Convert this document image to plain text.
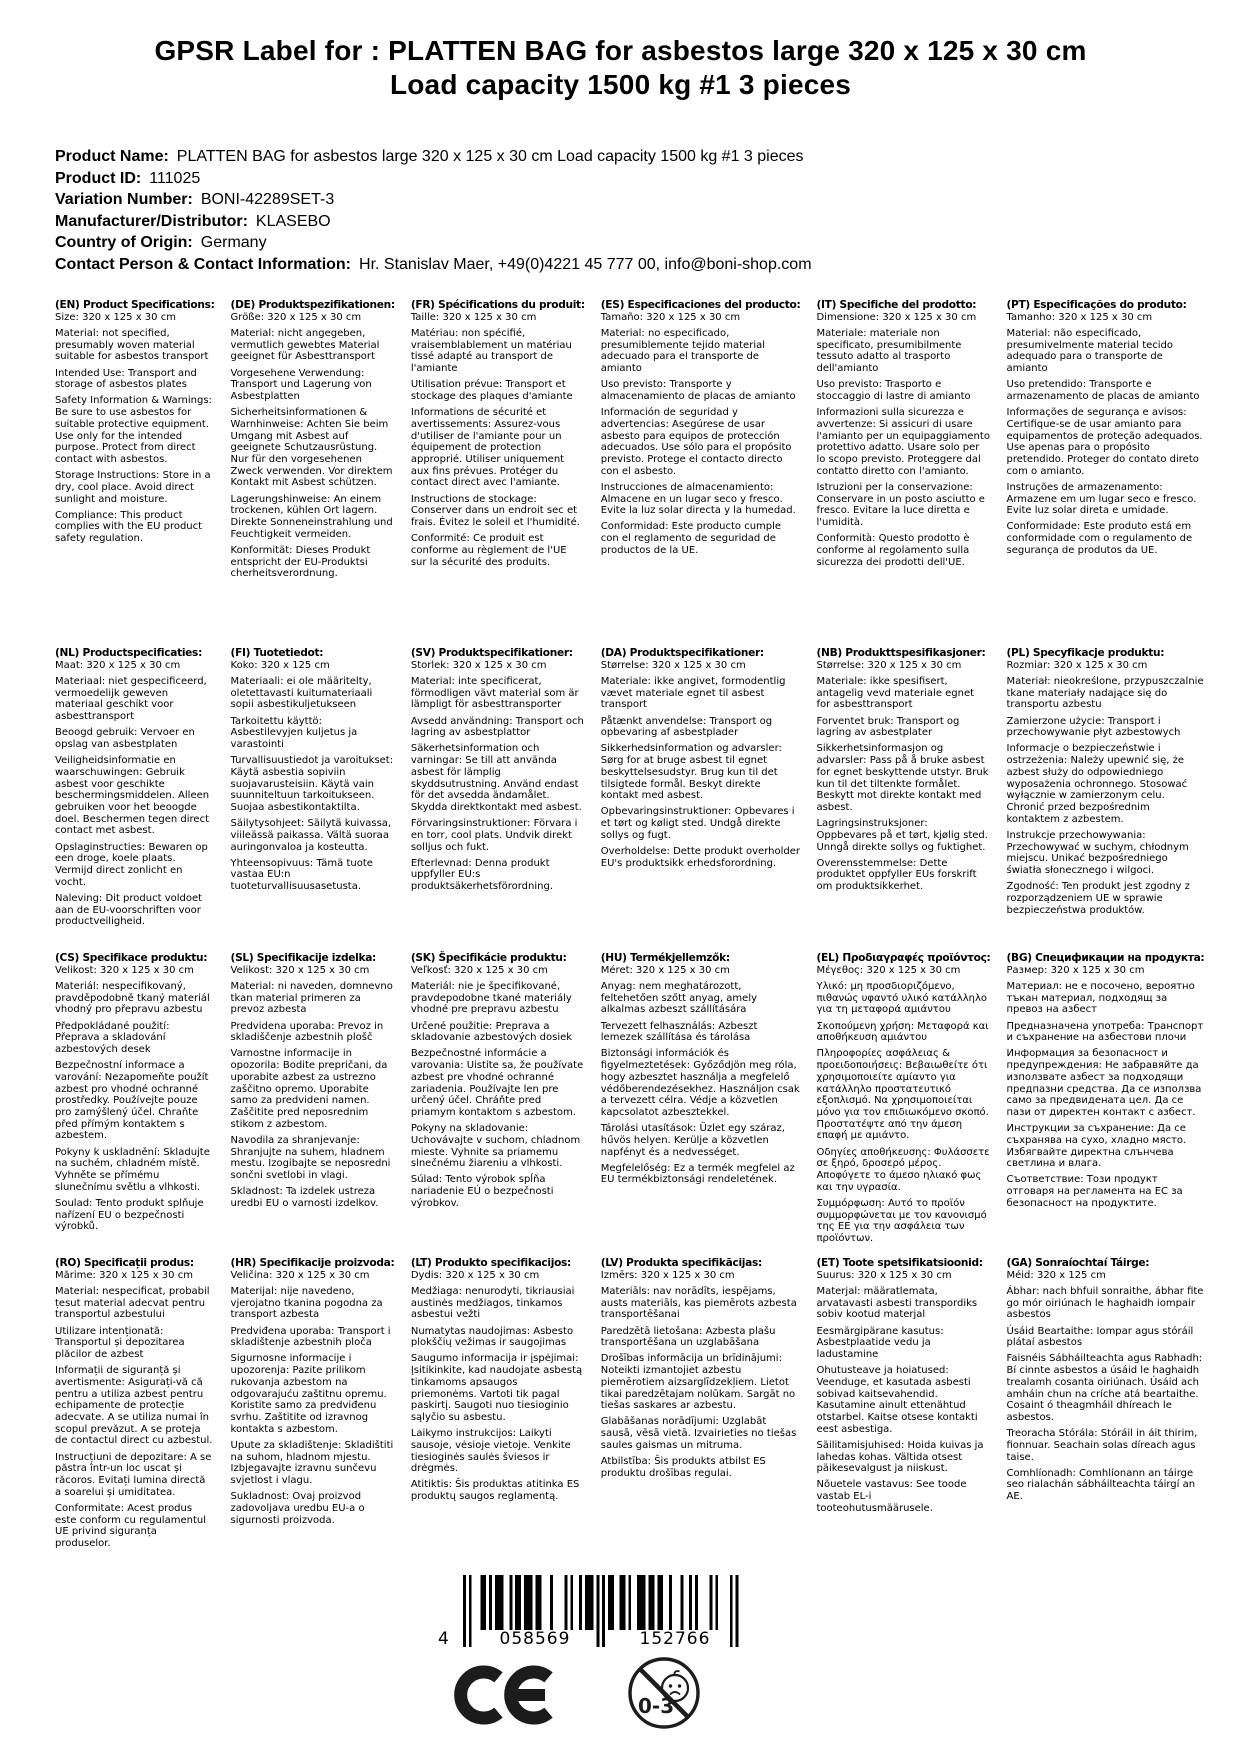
GPSR Label for : PLATTEN BAG for asbestos large 320 x 125 x 30 cm
Load capacity 1500 kg #1 3 pieces
Product Name: PLATTEN BAG for asbestos large 320 x 125 x 30 cm Load capacity 1500 kg #1 3 pieces
Product ID: 111025
Variation Number: BONI-42289SET-3
Manufacturer/Distributor: KLASEBO
Country of Origin: Germany
Contact Person & Contact Information: Hr. Stanislav Maer, +49(0)4221 45 777 00, info@boni-shop.com
(EN) Product Specifications:

Size: 320 x 125 x 30 cm

Material: not specified, presumably woven material suitable for asbestos transport

Intended Use: Transport and storage of asbestos plates

Safety Information & Warnings: Be sure to use asbestos for suitable protective equipment. Use only for the intended purpose. Protect from direct contact with asbestos.

Storage Instructions: Store in a dry, cool place. Avoid direct sunlight and moisture.

Compliance: This product complies with the EU product safety regulation.

(DE) Produktspezifikationen:

Größe: 320 x 125 x 30 cm

Material: nicht angegeben, vermutlich gewebtes Material geeignet für Asbesttransport

Vorgesehene Verwendung: Transport und Lagerung von Asbestplatten

Sicherheitsinformationen & Warnhinweise: Achten Sie beim Umgang mit Asbest auf geeignete Schutzausrüstung. Nur für den vorgesehenen Zweck verwenden. Vor direktem Kontakt mit Asbest schützen.

Lagerungshinweise: An einem trockenen, kühlen Ort lagern. Direkte Sonneneinstrahlung und Feuchtigkeit vermeiden.

Konformität: Dieses Produkt entspricht der EU-Produktsi cherheitsverordnung.

(FR) Spécifications du produit:

Taille: 320 x 125 x 30 cm

Matériau: non spécifié, vraisemblablement un matériau tissé adapté au transport de l'amiante

Utilisation prévue: Transport et stockage des plaques d'amiante

Informations de sécurité et avertissements: Assurez-vous d'utiliser de l'amiante pour un équipement de protection approprié. Utiliser uniquement aux fins prévues. Protéger du contact direct avec l'amiante.

Instructions de stockage: Conserver dans un endroit sec et frais. Évitez le soleil et l'humidité.

Conformité: Ce produit est conforme au règlement de l'UE sur la sécurité des produits.

(ES) Especificaciones del producto:

Tamaño: 320 x 125 x 30 cm

Material: no especificado, presumiblemente tejido material adecuado para el transporte de amianto

Uso previsto: Transporte y almacenamiento de placas de amianto

Información de seguridad y advertencias: Asegúrese de usar asbesto para equipos de protección adecuados. Use sólo para el propósito previsto. Protege el contacto directo con el asbesto.

Instrucciones de almacenamiento: Almacene en un lugar seco y fresco. Evite la luz solar directa y la humedad.

Conformidad: Este producto cumple con el reglamento de seguridad de productos de la UE.

(IT) Specifiche del prodotto:

Dimensione: 320 x 125 x 30 cm

Materiale: materiale non specificato, presumibilmente tessuto adatto al trasporto dell'amianto

Uso previsto: Trasporto e stoccaggio di lastre di amianto

Informazioni sulla sicurezza e avvertenze: Si assicuri di usare l'amianto per un equipaggiamento protettivo adatto. Usare solo per lo scopo previsto. Proteggere dal contatto diretto con l'amianto.

Istruzioni per la conservazione: Conservare in un posto asciutto e fresco. Evitare la luce diretta e l'umidità.

Conformità: Questo prodotto è conforme al regolamento sulla sicurezza dei prodotti dell'UE.

(PT) Especificações do produto:

Tamanho: 320 x 125 x 30 cm

Material: não especificado, presumivelmente material tecido adequado para o transporte de amianto

Uso pretendido: Transporte e armazenamento de placas de amianto

Informações de segurança e avisos: Certifique-se de usar amianto para equipamentos de proteção adequados. Use apenas para o propósito pretendido. Proteger do contato direto com o amianto.

Instruções de armazenamento: Armazene em um lugar seco e fresco. Evite luz solar direta e umidade.

Conformidade: Este produto está em conformidade com o regulamento de segurança de produtos da UE.

(NL) Productspecificaties:

Maat: 320 x 125 x 30 cm

Materiaal: niet gespecificeerd, vermoedelijk geweven materiaal geschikt voor asbesttransport

Beoogd gebruik: Vervoer en opslag van asbestplaten

Veiligheidsinformatie en waarschuwingen: Gebruik asbest voor geschikte beschermingsmiddelen. Alleen gebruiken voor het beoogde doel. Beschermen tegen direct contact met asbest.

Opslaginstructies: Bewaren op een droge, koele plaats. Vermijd direct zonlicht en vocht.

Naleving: Dit product voldoet aan de EU-voorschriften voor productveiligheid.

(FI) Tuotetiedot:

Koko: 320 x 125 cm

Materiaali: ei ole määritelty, oletettavasti kuitumateriaali sopii asbestikuljetukseen

Tarkoitettu käyttö: Asbestilevyjen kuljetus ja varastointi

Turvallisuustiedot ja varoitukset: Käytä asbestia sopiviin suojavarusteisiin. Käytä vain suunniteltuun tarkoitukseen. Suojaa asbestikontaktilta.

Säilytysohjeet: Säilytä kuivassa, viileässä paikassa. Vältä suoraa auringonvaloa ja kosteutta.

Yhteensopivuus: Tämä tuote vastaa EU:n tuoteturvallisuusasetusta.

(SV) Produktspecifikationer:

Storlek: 320 x 125 x 30 cm

Material: inte specificerat, förmodligen vävt material som är lämpligt för asbesttransporter

Avsedd användning: Transport och lagring av asbestplattor

Säkerhetsinformation och varningar: Se till att använda asbest för lämplig skyddsutrustning. Använd endast för det avsedda ändamålet. Skydda direktkontakt med asbest.

Förvaringsinstruktioner: Förvara i en torr, cool plats. Undvik direkt solljus och fukt.

Efterlevnad: Denna produkt uppfyller EU:s produktsäkerhetsförordning.

(DA) Produktspecifikationer:

Størrelse: 320 x 125 x 30 cm

Materiale: ikke angivet, formodentlig vævet materiale egnet til asbest transport

Påtænkt anvendelse: Transport og opbevaring af asbestplader

Sikkerhedsinformation og advarsler: Sørg for at bruge asbest til egnet beskyttelsesudstyr. Brug kun til det tilsigtede formål. Beskyt direkte kontakt med asbest.

Opbevaringsinstruktioner: Opbevares i et tørt og køligt sted. Undgå direkte sollys og fugt.

Overholdelse: Dette produkt overholder EU's produktsikk erhedsforordning.

(NB) Produkttspesifikasjoner:

Størrelse: 320 x 125 x 30 cm

Materiale: ikke spesifisert, antagelig vevd materiale egnet for asbesttransport

Forventet bruk: Transport og lagring av asbestplater

Sikkerhetsinformasjon og advarsler: Pass på å bruke asbest for egnet beskyttende utstyr. Bruk kun til det tiltenkte formålet. Beskytt mot direkte kontakt med asbest.

Lagringsinstruksjoner: Oppbevares på et tørt, kjølig sted. Unngå direkte sollys og fuktighet.

Overensstemmelse: Dette produktet oppfyller EUs forskrift om produktsikkerhet.

(PL) Specyfikacje produktu:

Rozmiar: 320 x 125 x 30 cm

Materiał: nieokreślone, przypuszczalnie tkane materiały nadające się do transportu azbestu

Zamierzone użycie: Transport i przechowywanie płyt azbestowych

Informacje o bezpieczeństwie i ostrzeżenia: Należy upewnić się, że azbest służy do odpowiedniego wyposażenia ochronnego. Stosować wyłącznie w zamierzonym celu. Chronić przed bezpośrednim kontaktem z azbestem.

Instrukcje przechowywania: Przechowywać w suchym, chłodnym miejscu. Unikać bezpośredniego światła słonecznego i wilgoci.

Zgodność: Ten produkt jest zgodny z rozporządzeniem UE w sprawie bezpieczeństwa produktów.

(CS) Specifikace produktu:

Velikost: 320 x 125 x 30 cm

Materiál: nespecifikovaný, pravděpodobně tkaný materiál vhodný pro přepravu azbestu

Předpokládané použití: Přeprava a skladování azbestových desek

Bezpečnostní informace a varování: Nezapomeňte použít azbest pro vhodné ochranné prostředky. Používejte pouze pro zamýšlený účel. Chraňte před přímým kontaktem s azbestem.

Pokyny k uskladnění: Skladujte na suchém, chladném místě. Vyhněte se přímému slunečnímu světlu a vlhkosti.

Soulad: Tento produkt splňuje nařízení EU o bezpečnosti výrobků.

(SL) Specifikacije izdelka:

Velikost: 320 x 125 x 30 cm

Material: ni naveden, domnevno tkan material primeren za prevoz azbesta

Predvidena uporaba: Prevoz in skladiščenje azbestnih plošč

Varnostne informacije in opozorila: Bodite prepričani, da uporabite azbest za ustrezno zaščitno opremo. Uporabite samo za predvideni namen. Zaščitite pred neposrednim stikom z azbestom.

Navodila za shranjevanje: Shranjujte na suhem, hladnem mestu. Izogibajte se neposredni sončni svetlobi in vlagi.

Skladnost: Ta izdelek ustreza uredbi EU o varnosti izdelkov.

(SK) Špecifikácie produktu:

Veľkosť: 320 x 125 x 30 cm

Materiál: nie je špecifikované, pravdepodobne tkané materiály vhodné pre prepravu azbestu

Určené použitie: Preprava a skladovanie azbestových dosiek

Bezpečnostné informácie a varovania: Uistite sa, že používate azbest pre vhodné ochranné zariadenia. Používajte len pre určený účel. Chráňte pred priamym kontaktom s azbestom.

Pokyny na skladovanie: Uchovávajte v suchom, chladnom mieste. Vyhnite sa priamemu slnečnému žiareniu a vlhkosti.

Súlad: Tento výrobok spĺňa nariadenie EÚ o bezpečnosti výrobkov.

(HU) Termékjellemzők:

Méret: 320 x 125 x 30 cm

Anyag: nem meghatározott, feltehetően szőtt anyag, amely alkalmas azbeszt szállítására

Tervezett felhasználás: Azbeszt lemezek szállítása és tárolása

Biztonsági információk és figyelmeztetések: Győződjön meg róla, hogy azbesztet használja a megfelelő védőberendezésekhez. Használjon csak a tervezett célra. Védje a közvetlen kapcsolatot azbesztekkel.

Tárolási utasítások: Üzlet egy száraz, hűvös helyen. Kerülje a közvetlen napfényt és a nedvességet.

Megfelelőség: Ez a termék megfelel az EU termékbiztonsági rendeletének.

(EL) Προδιαγραφές προϊόντος:

Μέγεθος: 320 x 125 x 30 cm

Υλικό: μη προσδιοριζόμενο, πιθανώς υφαντό υλικό κατάλληλο για τη μεταφορά αμιάντου

Σκοπούμενη χρήση: Μεταφορά και αποθήκευση αμιάντου

Πληροφορίες ασφάλειας & προειδοποιήσεις: Βεβαιωθείτε ότι χρησιμοποιείτε αμίαντο για κατάλληλο προστατευτικό εξοπλισμό. Να χρησιμοποιείται μόνο για τον επιδιωκόμενο σκοπό. Προστατέψτε από την άμεση επαφή με αμιάντο.

Οδηγίες αποθήκευσης: Φυλάσσετε σε ξηρό, δροσερό μέρος. Αποφύγετε το άμεσο ηλιακό φως και την υγρασία.

Συμμόρφωση: Αυτό το προϊόν συμμορφώνεται με τον κανονισμό της ΕΕ για την ασφάλεια των προϊόντων.

(BG) Спецификации на продукта:

Размер: 320 x 125 x 30 cm

Материал: не е посочено, вероятно тъкан материал, подходящ за превоз на азбест

Предназначена употреба: Транспорт и съхранение на азбестови плочи

Информация за безопасност и предупреждения: Не забравяйте да използвате азбест за подходящи предпазни средства. Да се използва само за предвидената цел. Да се пази от директен контакт с азбест.

Инструкции за съхранение: Да се съхранява на сухо, хладно място. Избягвайте директна слънчева светлина и влага.

Съответствие: Този продукт отговаря на регламента на ЕС за безопасност на продуктите.

(RO) Specificații produs:

Mărime: 320 x 125 x 30 cm

Material: nespecificat, probabil țesut material adecvat pentru transportul azbestului

Utilizare intenționată: Transportul și depozitarea plăcilor de azbest

Informații de siguranță și avertismente: Asigurați-vă că pentru a utiliza azbest pentru echipamente de protecție adecvate. A se utiliza numai în scopul prevăzut. A se proteja de contactul direct cu azbestul.

Instrucțiuni de depozitare: A se păstra într-un loc uscat și răcoros. Evitați lumina directă a soarelui și umiditatea.

Conformitate: Acest produs este conform cu regulamentul UE privind siguranța produselor.

(HR) Specifikacije proizvoda:

Veličina: 320 x 125 x 30 cm

Materijal: nije navedeno, vjerojatno tkanina pogodna za transport azbesta

Predviđena uporaba: Transport i skladištenje azbestnih ploča

Sigurnosne informacije i upozorenja: Pazite prilikom rukovanja azbestom na odgovarajuću zaštitnu opremu. Koristite samo za predviđenu svrhu. Zaštitite od izravnog kontakta s azbestom.

Upute za skladištenje: Skladištiti na suhom, hladnom mjestu. Izbjegavajte izravnu sunčevu svjetlost i vlagu.

Sukladnost: Ovaj proizvod zadovoljava uredbu EU-a o sigurnosti proizvoda.

(LT) Produkto specifikacijos:

Dydis: 320 x 125 x 30 cm

Medžiaga: nenurodyti, tikriausiai austinės medžiagos, tinkamos asbestui vežti

Numatytas naudojimas: Asbesto plokščių vežimas ir saugojimas

Saugumo informacija ir įspėjimai: Įsitikinkite, kad naudojate asbestą tinkamoms apsaugos priemonėms. Vartoti tik pagal paskirtį. Saugoti nuo tiesioginio sąlyčio su asbestu.

Laikymo instrukcijos: Laikyti sausoje, vėsioje vietoje. Venkite tiesioginės saulės šviesos ir drėgmės.

Atitiktis: Šis produktas atitinka ES produktų saugos reglamentą.

(LV) Produkta specifikācijas:

Izmērs: 320 x 125 x 30 cm

Materiāls: nav norādīts, iespējams, austs materiāls, kas piemērots azbesta transportēšanai

Paredzētā lietošana: Azbesta plašu transportēšana un uzglabāšana

Drošības informācija un brīdinājumi: Noteikti izmantojiet azbestu piemērotiem aizsarglīdzekļiem. Lietot tikai paredzētajam nolūkam. Sargāt no tiešas saskares ar azbestu.

Glabāšanas norādījumi: Uzglabāt sausā, vēsā vietā. Izvairieties no tiešas saules gaismas un mitruma.

Atbilstība: Šis produkts atbilst ES produktu drošības regulai.

(ET) Toote spetsifikatsioonid:

Suurus: 320 x 125 x 30 cm

Materjal: määratlemata, arvatavasti asbesti transpordiks sobiv kootud materjal

Eesmärgipärane kasutus: Asbestplaatide vedu ja ladustamine

Ohutusteave ja hoiatused: Veenduge, et kasutada asbesti sobivad kaitsevahendid. Kasutamine ainult ettenähtud otstarbel. Kaitse otsese kontakti eest asbestiga.

Säilitamisjuhised: Hoida kuivas ja lahedas kohas. Vältida otsest päikesevalgust ja niiskust.

Nõuetele vastavus: See toode vastab EL-i tooteohutusmäärusele.

(GA) Sonraíochtaí Táirge:

Méid: 320 x 125 cm

Ábhar: nach bhfuil sonraithe, ábhar fite go mór oiriúnach le haghaidh iompair asbestos

Úsáid Beartaithe: Iompar agus stóráil plátaí asbestos

Faisnéis Sábháilteachta agus Rabhadh: Bí cinnte asbestos a úsáid le haghaidh trealamh cosanta oiriúnach. Úsáid ach amháin chun na críche atá beartaithe. Cosaint ó theagmháil dhíreach le asbestos.

Treoracha Stórála: Stóráil in áit thirim, fionnuar. Seachain solas díreach agus taise.

Comhlíonadh: Comhlíonann an táirge seo rialachán sábháilteachta táirgí an AE.

4	058569	152766
0-3
